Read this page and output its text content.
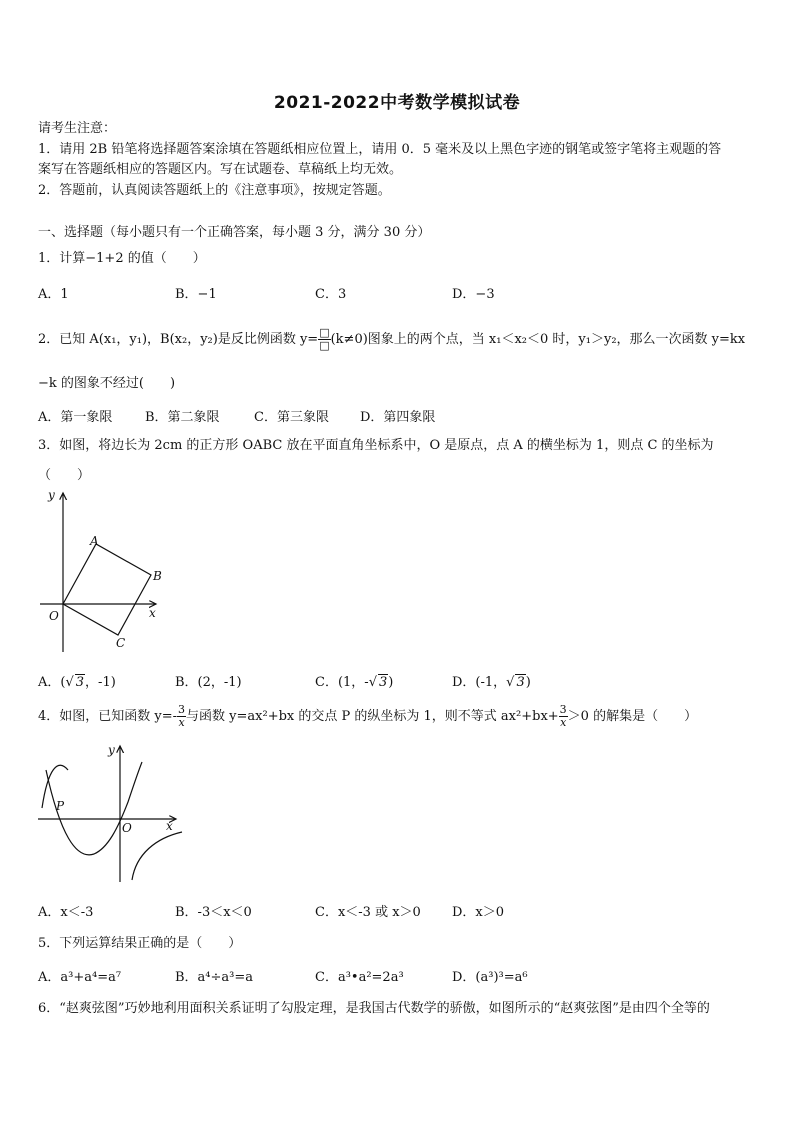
2021-2022中考数学模拟试卷
请考生注意：
1．请用 2B 铅笔将选择题答案涂填在答题纸相应位置上，请用 0．5 毫米及以上黑色字迹的钢笔或签字笔将主观题的答
案写在答题纸相应的答题区内。写在试题卷、草稿纸上均无效。
2．答题前，认真阅读答题纸上的《注意事项》，按规定答题。
一、选择题（每小题只有一个正确答案，每小题 3 分，满分 30 分）
1．计算−1+2 的值（　　）
A．1	B．−1	C．3	D．−3
2．已知 A(x₁，y₁)，B(x₂，y₂)是反比例函数 $y= \frac{□}{□} (k\ne 0)$图象上的两个点，当 x₁＜x₂＜0 时，y₁＞y₂，那么一次函数 y=kx
−k 的图象不经过(　　)
A．第一象限	B．第二象限	C．第三象限 D．第四象限
3．如图，将边长为 2cm 的正方形 OABC 放在平面直角坐标系中，O 是原点，点 A 的横坐标为 1，则点 C 的坐标为
（　　）
y
x
O
A
B
C
A．(√ 3，-1)	B．(2，-1)	C．(1，-√ 3)	D．(-1，√ 3)
4．如图，已知函数 $y=- \frac{3}{x}$ 与函数 y=ax²+bx 的交点 P 的纵坐标为 1，则不等式 $ax^2+bx+ \frac{3}{x} >0$ 的解集是（　　）
P
y
x
O
A．x＜-3	B．-3＜x＜0	C．x＜-3 或 x＞0 D．x＞0
5．下列运算结果正确的是（　　）
A．a³+a⁴=a⁷	B．a⁴÷a³=a	C．a³•a²=2a³	D．(a³)³=a⁶
6．“赵爽弦图”巧妙地利用面积关系证明了勾股定理，是我国古代数学的骄傲，如图所示的“赵爽弦图”是由四个全等的
